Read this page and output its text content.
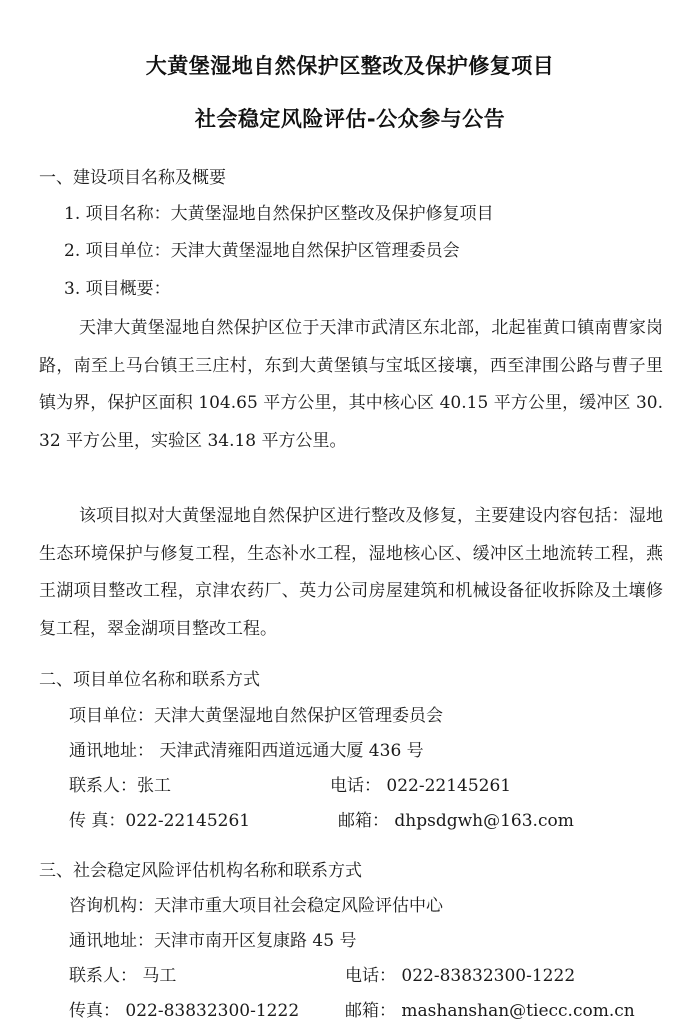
大黄堡湿地自然保护区整改及保护修复项目
社会稳定风险评估-公众参与公告
一、建设项目名称及概要
1. 项目名称：大黄堡湿地自然保护区整改及保护修复项目
2. 项目单位：天津大黄堡湿地自然保护区管理委员会
3. 项目概要：
天津大黄堡湿地自然保护区位于天津市武清区东北部，北起崔黄口镇南曹家岗路，南至上马台镇王三庄村，东到大黄堡镇与宝坻区接壤，西至津围公路与曹子里镇为界，保护区面积 104.65 平方公里，其中核心区 40.15 平方公里，缓冲区 30.32 平方公里，实验区 34.18 平方公里。
该项目拟对大黄堡湿地自然保护区进行整改及修复，主要建设内容包括：湿地生态环境保护与修复工程，生态补水工程，湿地核心区、缓冲区土地流转工程，燕王湖项目整改工程，京津农药厂、英力公司房屋建筑和机械设备征收拆除及土壤修复工程，翠金湖项目整改工程。
二、项目单位名称和联系方式
项目单位：天津大黄堡湿地自然保护区管理委员会
通讯地址： 天津武清雍阳西道远通大厦 436 号
联系人：张工	电话： 022-22145261
传 真：022-22145261	邮箱： dhpsdgwh@163.com
三、社会稳定风险评估机构名称和联系方式
咨询机构：天津市重大项目社会稳定风险评估中心
通讯地址：天津市南开区复康路 45 号
联系人： 马工	电话： 022-83832300-1222
传真： 022-83832300-1222	邮箱： mashanshan@tiecc.com.cn
